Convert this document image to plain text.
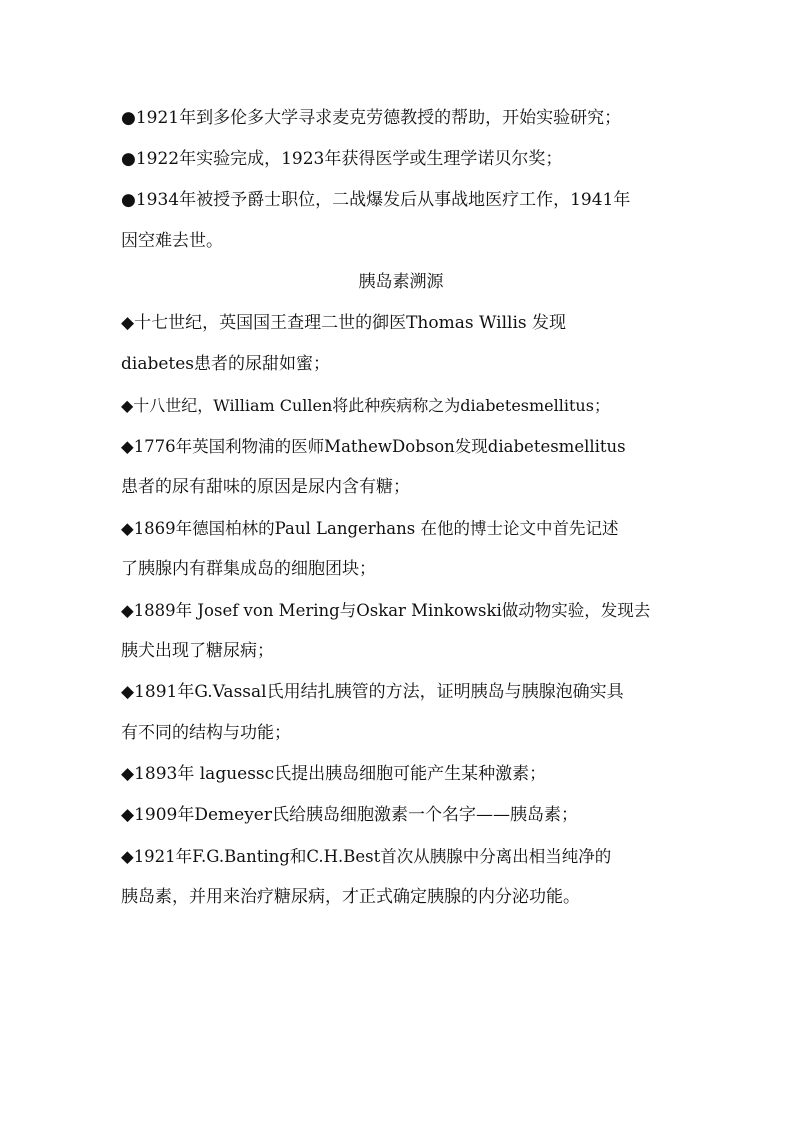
●1921年到多伦多大学寻求麦克劳德教授的帮助，开始实验研究；
●1922年实验完成，1923年获得医学或生理学诺贝尔奖；
●1934年被授予爵士职位，二战爆发后从事战地医疗工作，1941年
因空难去世。
胰岛素溯源
◆十七世纪，英国国王查理二世的御医Thomas Willis 发现
diabetes患者的尿甜如蜜；
◆十八世纪，William Cullen将此种疾病称之为diabetesmellitus；
◆1776年英国利物浦的医师MathewDobson发现diabetesmellitus
患者的尿有甜味的原因是尿内含有糖；
◆1869年德国柏林的Paul Langerhans 在他的博士论文中首先记述
了胰腺内有群集成岛的细胞团块；
◆1889年 Josef von Mering与Oskar Minkowski做动物实验，发现去
胰犬出现了糖尿病；
◆1891年G.Vassal氏用结扎胰管的方法，证明胰岛与胰腺泡确实具
有不同的结构与功能；
◆1893年 laguessc氏提出胰岛细胞可能产生某种激素；
◆1909年Demeyer氏给胰岛细胞激素一个名字——胰岛素；
◆1921年F.G.Banting和C.H.Best首次从胰腺中分离出相当纯净的
胰岛素，并用来治疗糖尿病，才正式确定胰腺的内分泌功能。
